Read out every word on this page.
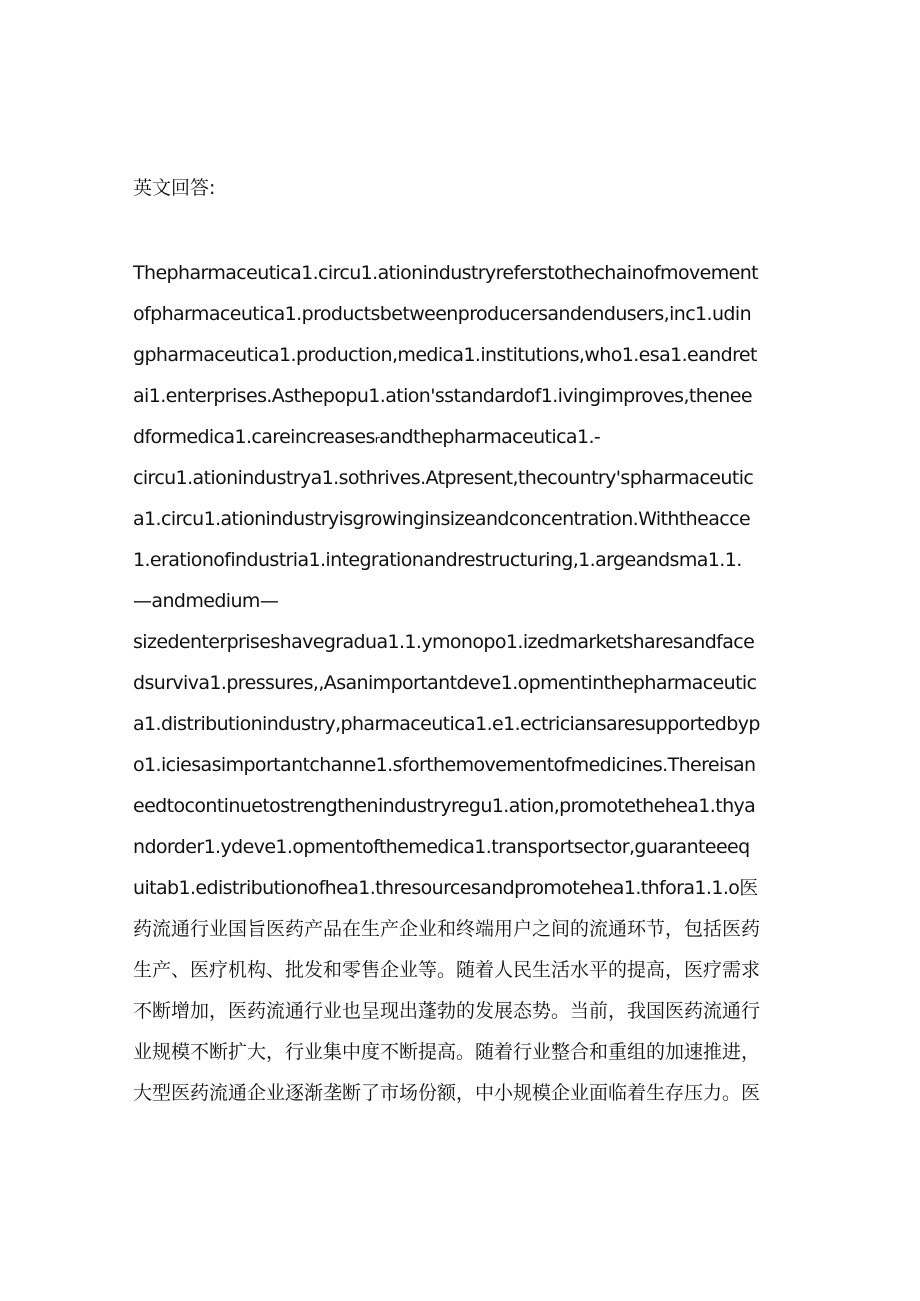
英文回答:
Thepharmaceutica1.circu1.ationindustryreferstothechainofmovement
ofpharmaceutica1.productsbetweenproducersandendusers,inc1.udin
gpharmaceutica1.production,medica1.institutions,who1.esa1.eandret
ai1.enterprises.Asthepopu1.ation'sstandardof1.ivingimproves,thenee
dformedica1.careincreasesᵣandthepharmaceutica1.-
circu1.ationindustrya1.sothrives.Atpresent,thecountry'spharmaceutic
a1.circu1.ationindustryisgrowinginsizeandconcentration.Withtheacce
1.erationofindustria1.integrationandrestructuring,1.argeandsma1.1.
—andmedium—
sizedenterpriseshavegradua1.1.ymonopo1.izedmarketsharesandface
dsurviva1.pressures,,Asanimportantdeve1.opmentinthepharmaceutic
a1.distributionindustry,pharmaceutica1.e1.ectriciansaresupportedbyp
o1.iciesasimportantchanne1.sforthemovementofmedicines.Thereisan
eedtocontinuetostrengthenindustryregu1.ation,promotethehea1.thya
ndorder1.ydeve1.opmentofthemedica1.transportsector,guaranteeeq
uitab1.edistributionofhea1.thresourcesandpromotehea1.thfora1.1.o医
药流通行业国旨医药产品在生产企业和终端用户之间的流通环节，包括医药
生产、医疗机构、批发和零售企业等。随着人民生活水平的提高，医疗需求
不断增加，医药流通行业也呈现出蓬勃的发展态势。当前，我国医药流通行
业规模不断扩大，行业集中度不断提高。随着行业整合和重组的加速推进，
大型医药流通企业逐渐垄断了市场份额，中小规模企业面临着生存压力。医
